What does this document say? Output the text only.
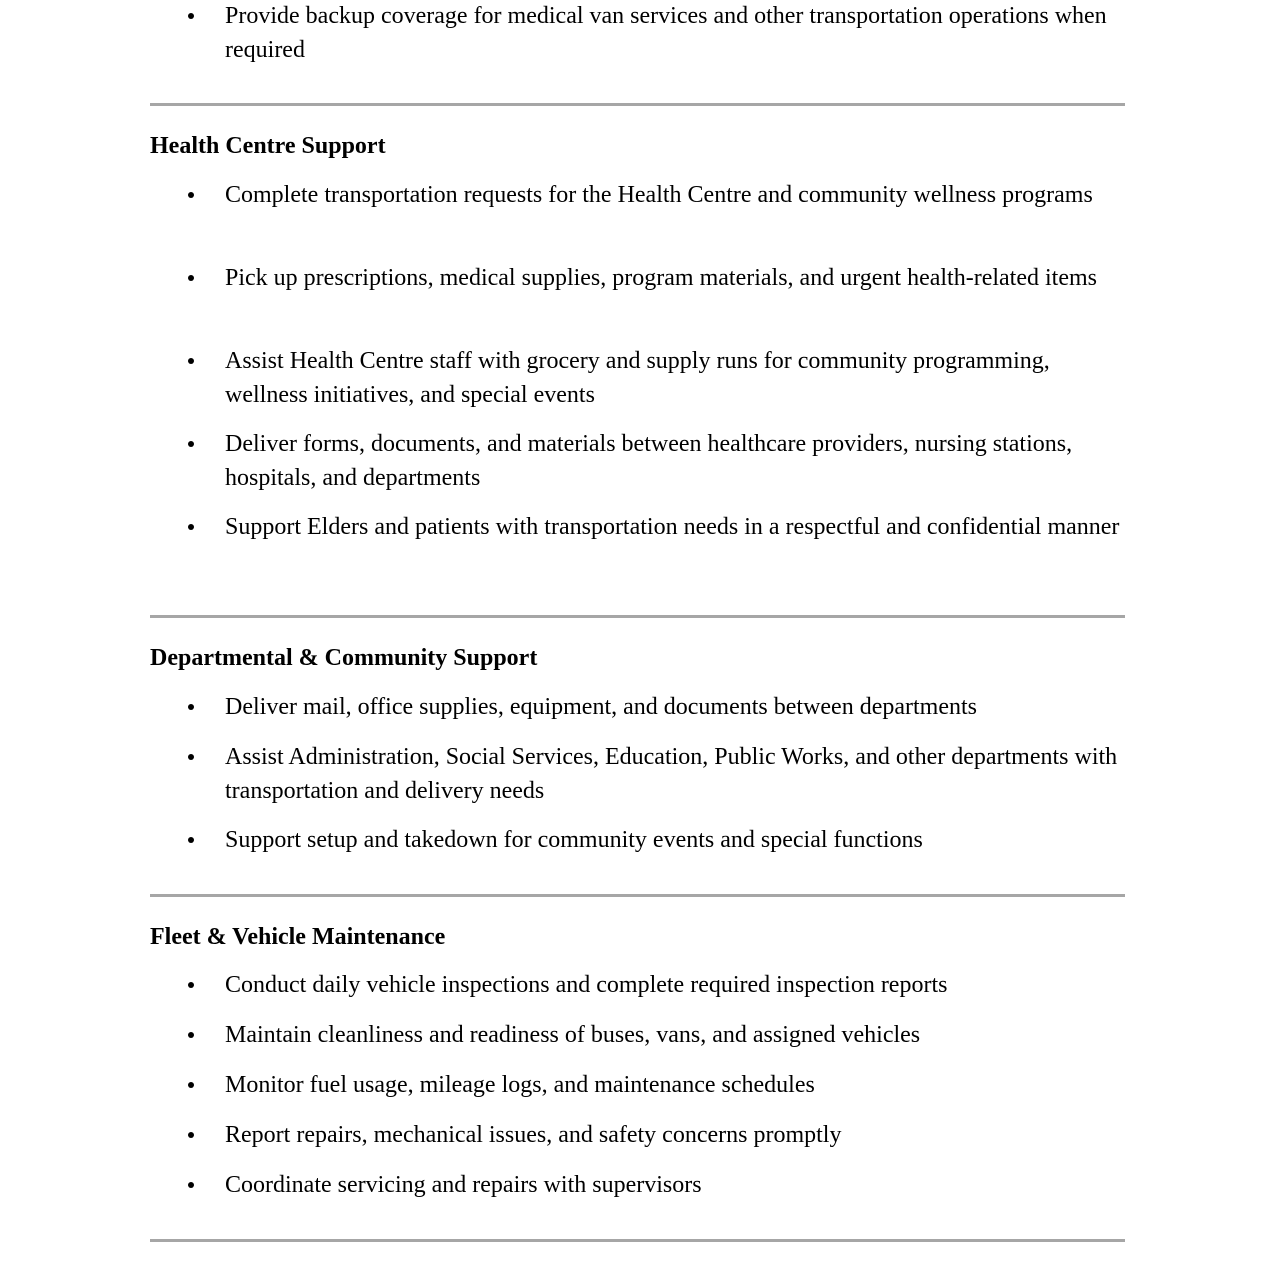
Provide backup coverage for medical van services and other transportation operations when required
Health Centre Support
Complete transportation requests for the Health Centre and community wellness programs
Pick up prescriptions, medical supplies, program materials, and urgent health-related items
Assist Health Centre staff with grocery and supply runs for community programming, wellness initiatives, and special events
Deliver forms, documents, and materials between healthcare providers, nursing stations, hospitals, and departments
Support Elders and patients with transportation needs in a respectful and confidential manner
Departmental & Community Support
Deliver mail, office supplies, equipment, and documents between departments
Assist Administration, Social Services, Education, Public Works, and other departments with transportation and delivery needs
Support setup and takedown for community events and special functions
Fleet & Vehicle Maintenance
Conduct daily vehicle inspections and complete required inspection reports
Maintain cleanliness and readiness of buses, vans, and assigned vehicles
Monitor fuel usage, mileage logs, and maintenance schedules
Report repairs, mechanical issues, and safety concerns promptly
Coordinate servicing and repairs with supervisors
